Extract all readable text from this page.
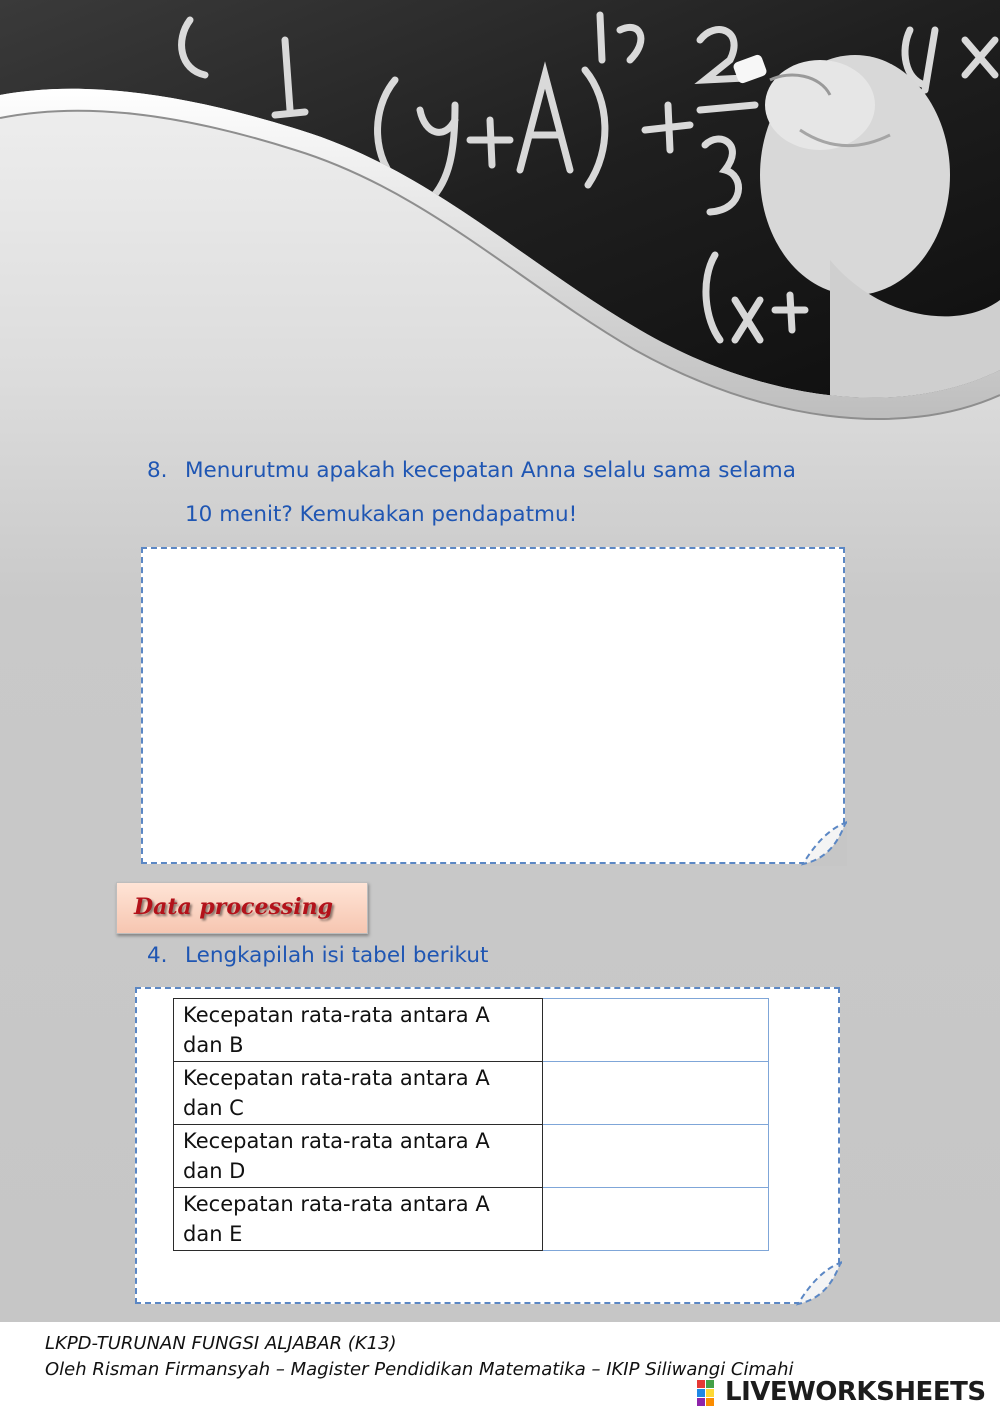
8. Menurutmu apakah kecepatan Anna selalu sama selama
10 menit? Kemukakan pendapatmu!
Data processing
4. Lengkapilah isi tabel berikut
Kecepatan rata-rata antara A dan B	
Kecepatan rata-rata antara A dan C	
Kecepatan rata-rata antara A dan D	
Kecepatan rata-rata antara A dan E	
LKPD-TURUNAN FUNGSI ALJABAR (K13)
Oleh Risman Firmansyah – Magister Pendidikan Matematika – IKIP Siliwangi Cimahi
LIVEWORKSHEETS
